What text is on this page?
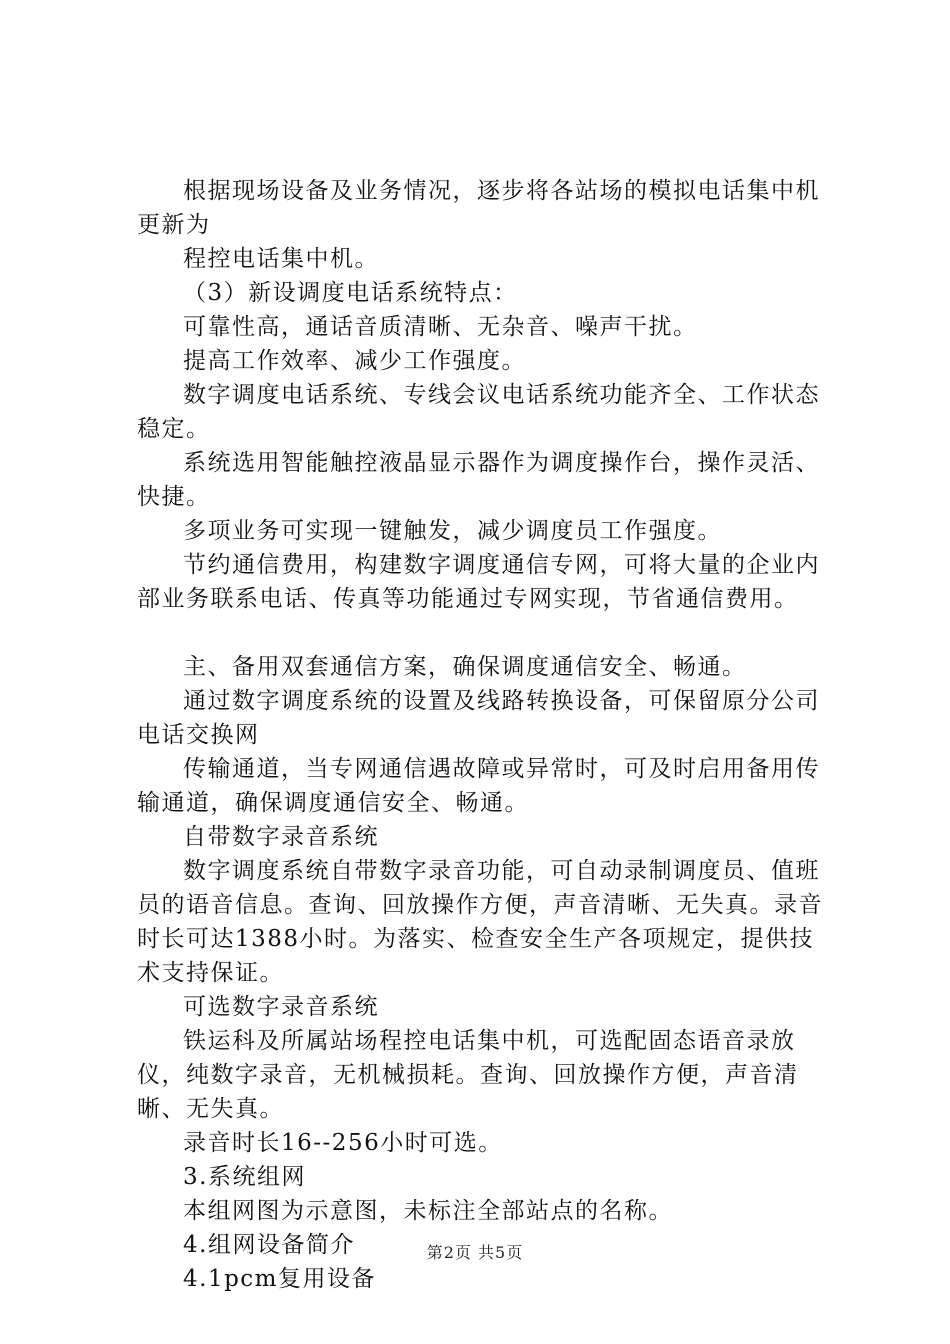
根据现场设备及业务情况，逐步将各站场的模拟电话集中机更新为

程控电话集中机。

（3）新设调度电话系统特点：

可靠性高，通话音质清晰、无杂音、噪声干扰。

提高工作效率、减少工作强度。

数字调度电话系统、专线会议电话系统功能齐全、工作状态稳定。

系统选用智能触控液晶显示器作为调度操作台，操作灵活、快捷。

多项业务可实现一键触发，减少调度员工作强度。

节约通信费用，构建数字调度通信专网，可将大量的企业内部业务联系电话、传真等功能通过专网实现，节省通信费用。

主、备用双套通信方案，确保调度通信安全、畅通。

通过数字调度系统的设置及线路转换设备，可保留原分公司电话交换网

传输通道，当专网通信遇故障或异常时，可及时启用备用传输通道，确保调度通信安全、畅通。

自带数字录音系统

数字调度系统自带数字录音功能，可自动录制调度员、值班员的语音信息。查询、回放操作方便，声音清晰、无失真。录音时长可达1388小时。为落实、检查安全生产各项规定，提供技术支持保证。

可选数字录音系统

铁运科及所属站场程控电话集中机，可选配固态语音录放仪，纯数字录音，无机械损耗。查询、回放操作方便，声音清晰、无失真。

录音时长16--256小时可选。

3.系统组网

本组网图为示意图，未标注全部站点的名称。

4.组网设备简介

4.1pcm复用设备

第2页 共5页
